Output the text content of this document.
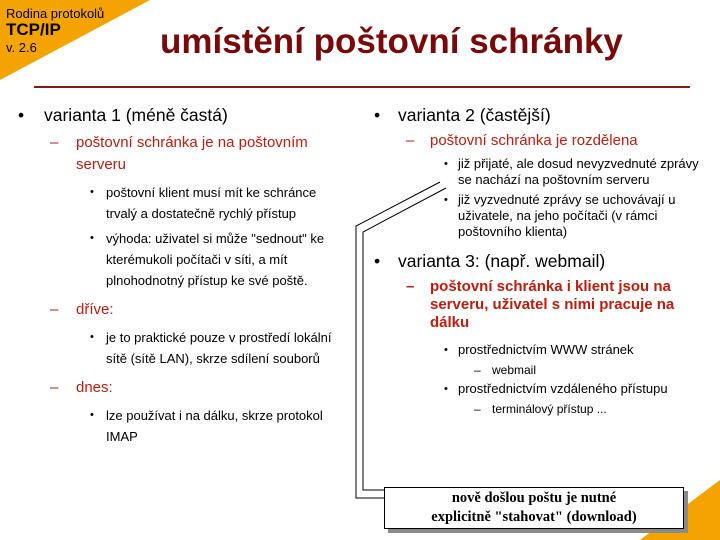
Rodina protokolů
TCP/IP
v. 2.6	umístění poštovní schránky
• varianta 1 (méně častá)
– poštovní schránka je na poštovním serveru
• poštovní klient musí mít ke schránce trvalý a dostatečně rychlý přístup
• výhoda: uživatel si může "sednout" ke kterémukoli počítači v síti, a mít plnohodnotný přístup ke své poště.
– dříve:
• je to praktické pouze v prostředí lokální sítě (sítě LAN), skrze sdílení souborů
– dnes:
• lze používat i na dálku, skrze protokol IMAP
• varianta 2 (častější)
– poštovní schránka je rozdělena
• již přijaté, ale dosud nevyzvednuté zprávy se nachází na poštovním serveru
• již vyzvednuté zprávy se uchovávají u uživatele, na jeho počítači (v rámci poštovního klienta)
• varianta 3: (např. webmail)
– poštovní schránka i klient jsou na serveru, uživatel s nimi pracuje na dálku
• prostřednictvím WWW stránek
– webmail
• prostřednictvím vzdáleného přístupu
– terminálový přístup ...
nově došlou poštu je nutné
explicitně "stahovat" (download)
